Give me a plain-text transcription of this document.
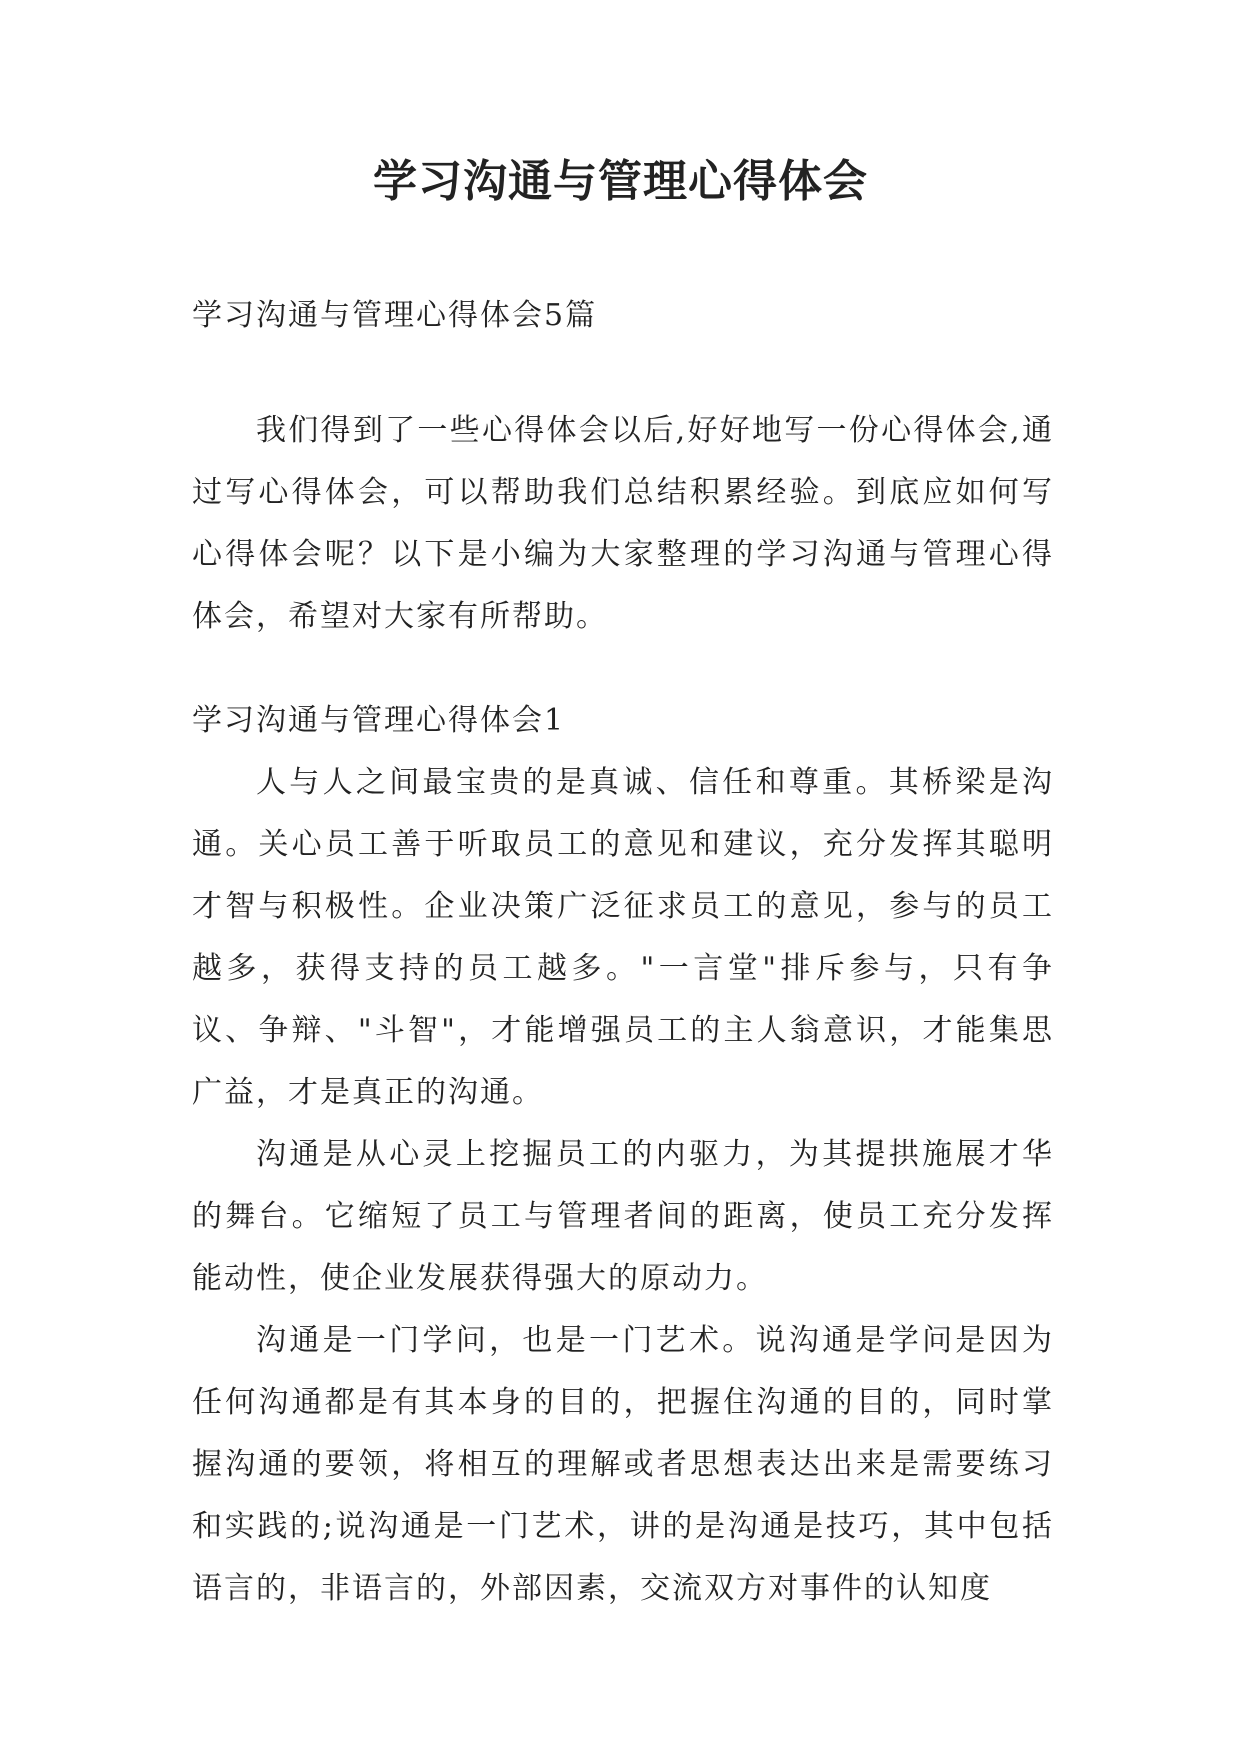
学习沟通与管理心得体会

学习沟通与管理心得体会5篇

我们得到了一些心得体会以后,好好地写一份心得体会,通过写心得体会，可以帮助我们总结积累经验。到底应如何写心得体会呢？以下是小编为大家整理的学习沟通与管理心得体会，希望对大家有所帮助。

学习沟通与管理心得体会1

人与人之间最宝贵的是真诚、信任和尊重。其桥梁是沟通。关心员工善于听取员工的意见和建议，充分发挥其聪明才智与积极性。企业决策广泛征求员工的意见，参与的员工越多，获得支持的员工越多。"一言堂"排斥参与，只有争议、争辩、"斗智"，才能增强员工的主人翁意识，才能集思广益，才是真正的沟通。

沟通是从心灵上挖掘员工的内驱力，为其提拱施展才华的舞台。它缩短了员工与管理者间的距离，使员工充分发挥能动性，使企业发展获得强大的原动力。

沟通是一门学问，也是一门艺术。说沟通是学问是因为任何沟通都是有其本身的目的，把握住沟通的目的，同时掌握沟通的要领，将相互的理解或者思想表达出来是需要练习和实践的;说沟通是一门艺术，讲的是沟通是技巧，其中包括语言的，非语言的，外部因素，交流双方对事件的认知度
